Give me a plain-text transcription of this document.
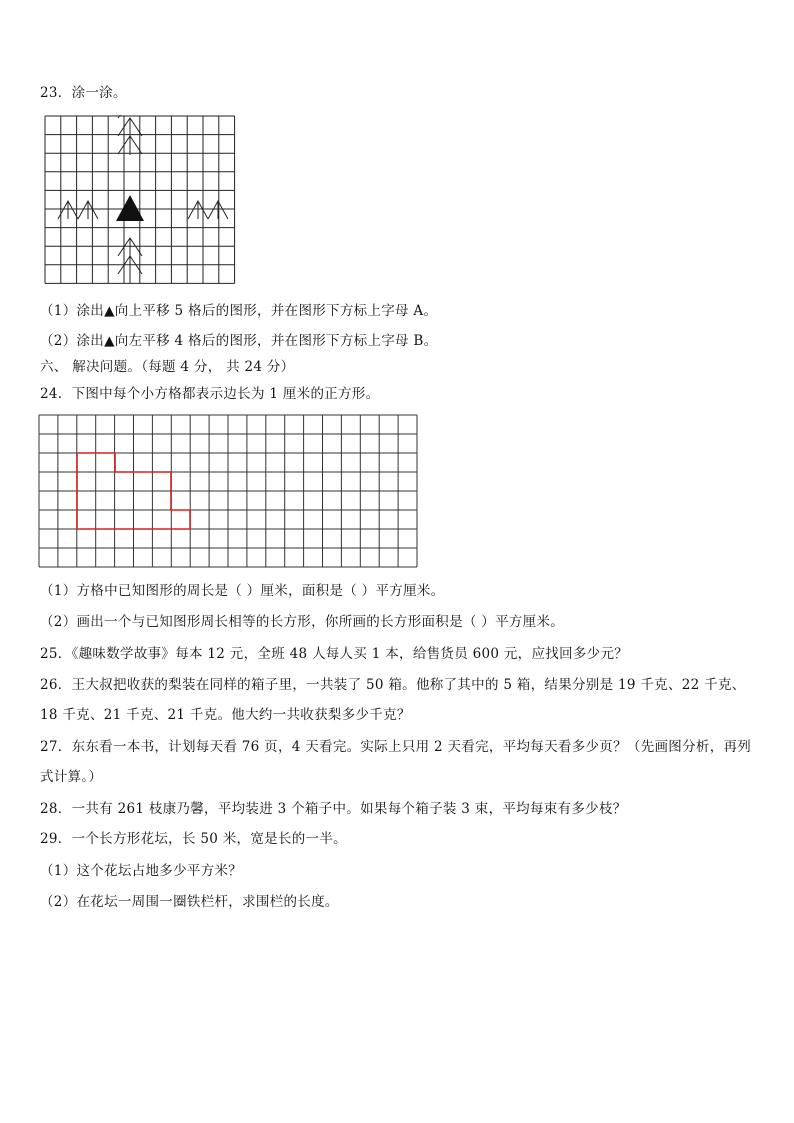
23．涂一涂。
（1）涂出▲向上平移 5 格后的图形，并在图形下方标上字母 A。
（2）涂出▲向左平移 4 格后的图形，并在图形下方标上字母 B。
六、 解决问题。（每题 4 分， 共 24 分）
24．下图中每个小方格都表示边长为 1 厘米的正方形。
（1）方格中已知图形的周长是（ ）厘米，面积是（ ）平方厘米。
（2）画出一个与已知图形周长相等的长方形，你所画的长方形面积是（ ）平方厘米。
25．《趣味数学故事》每本 12 元，全班 48 人每人买 1 本，给售货员 600 元，应找回多少元？
26．王大叔把收获的梨装在同样的箱子里，一共装了 50 箱。他称了其中的 5 箱，结果分别是 19 千克、22 千克、18 千克、21 千克、21 千克。他大约一共收获梨多少千克？
27．东东看一本书，计划每天看 76 页，4 天看完。实际上只用 2 天看完，平均每天看多少页？（先画图分析，再列式计算。）
28．一共有 261 枝康乃馨，平均装进 3 个箱子中。如果每个箱子装 3 束，平均每束有多少枝？
29．一个长方形花坛，长 50 米，宽是长的一半。
（1）这个花坛占地多少平方米？
（2）在花坛一周围一圈铁栏杆，求围栏的长度。
